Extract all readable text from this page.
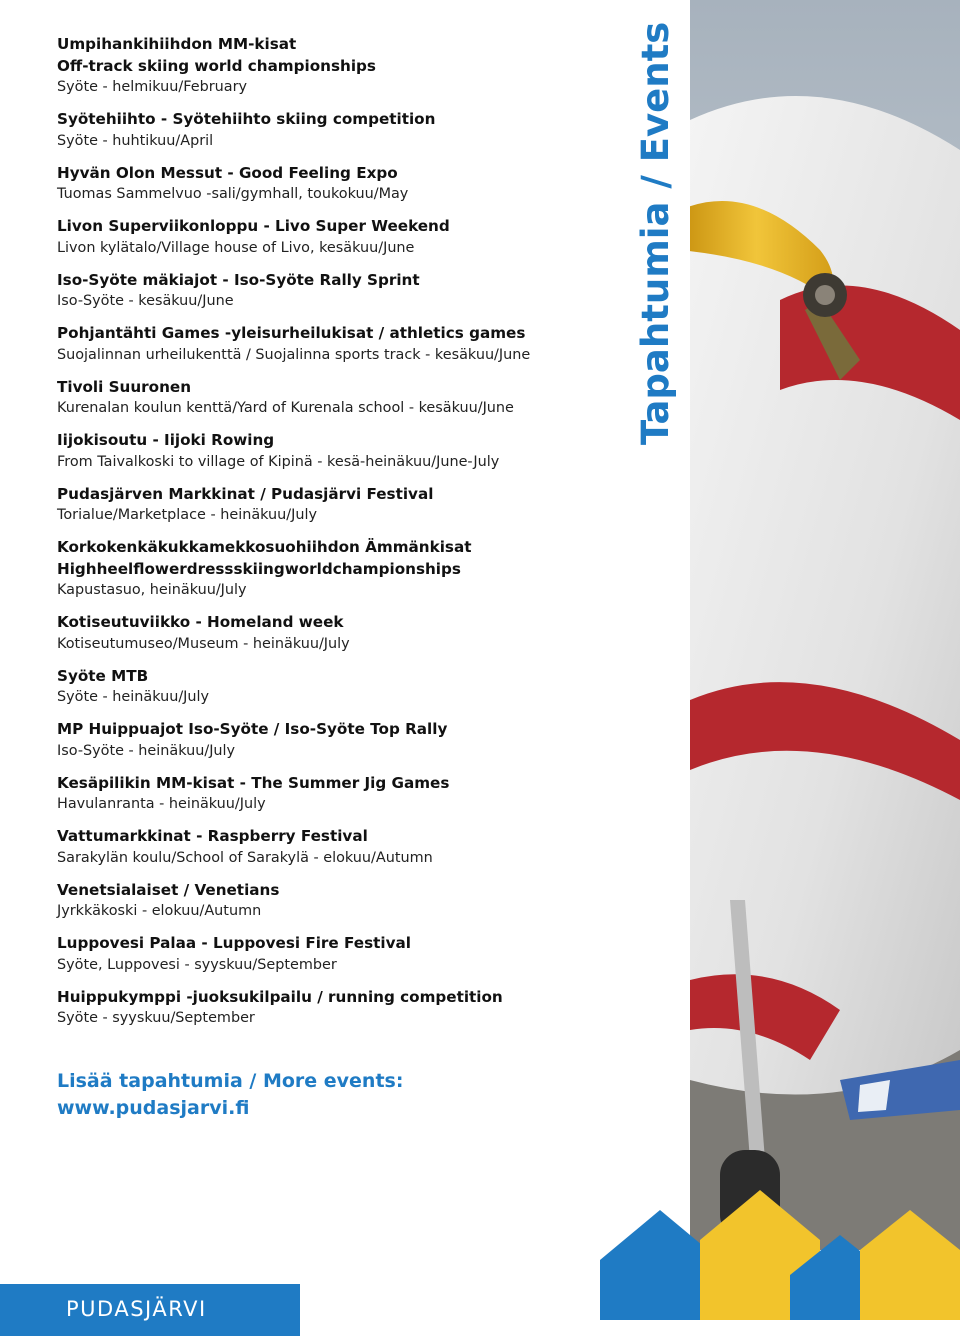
Umpihankihiihdon MM-kisat
Off-track skiing world championships
Syöte - helmikuu/February
Syötehiihto - Syötehiihto skiing competition
Syöte - huhtikuu/April
Hyvän Olon Messut - Good Feeling Expo
Tuomas Sammelvuo -sali/gymhall, toukokuu/May
Livon Superviikonloppu - Livo Super Weekend
Livon kylätalo/Village house of Livo, kesäkuu/June
Iso-Syöte mäkiajot - Iso-Syöte Rally Sprint
Iso-Syöte - kesäkuu/June
Pohjantähti Games -yleisurheilukisat / athletics games
Suojalinnan urheilukenttä / Suojalinna sports track - kesäkuu/June
Tivoli Suuronen
Kurenalan koulun kenttä/Yard of Kurenala school - kesäkuu/June
Iijokisoutu - Iijoki Rowing
From Taivalkoski to village of Kipinä - kesä-heinäkuu/June-July
Pudasjärven Markkinat / Pudasjärvi Festival
Torialue/Marketplace - heinäkuu/July
Korkokenkäkukkamekkosuohiihdon Ämmänkisat
Highheelflowerdressskiingworldchampionships
Kapustasuo, heinäkuu/July
Kotiseutuviikko - Homeland week
Kotiseutumuseo/Museum - heinäkuu/July
Syöte MTB
Syöte - heinäkuu/July
MP Huippuajot Iso-Syöte / Iso-Syöte Top Rally
Iso-Syöte - heinäkuu/July
Kesäpilikin MM-kisat - The Summer Jig Games
Havulanranta - heinäkuu/July
Vattumarkkinat - Raspberry Festival
Sarakylän koulu/School of Sarakylä - elokuu/Autumn
Venetsialaiset / Venetians
Jyrkkäkoski - elokuu/Autumn
Luppovesi Palaa - Luppovesi Fire Festival
Syöte, Luppovesi - syyskuu/September
Huippukymppi -juoksukilpailu / running competition
Syöte - syyskuu/September
Lisää tapahtumia / More events:
www.pudasjarvi.fi
Tapahtumia / Events
PUDASJÄRVI
